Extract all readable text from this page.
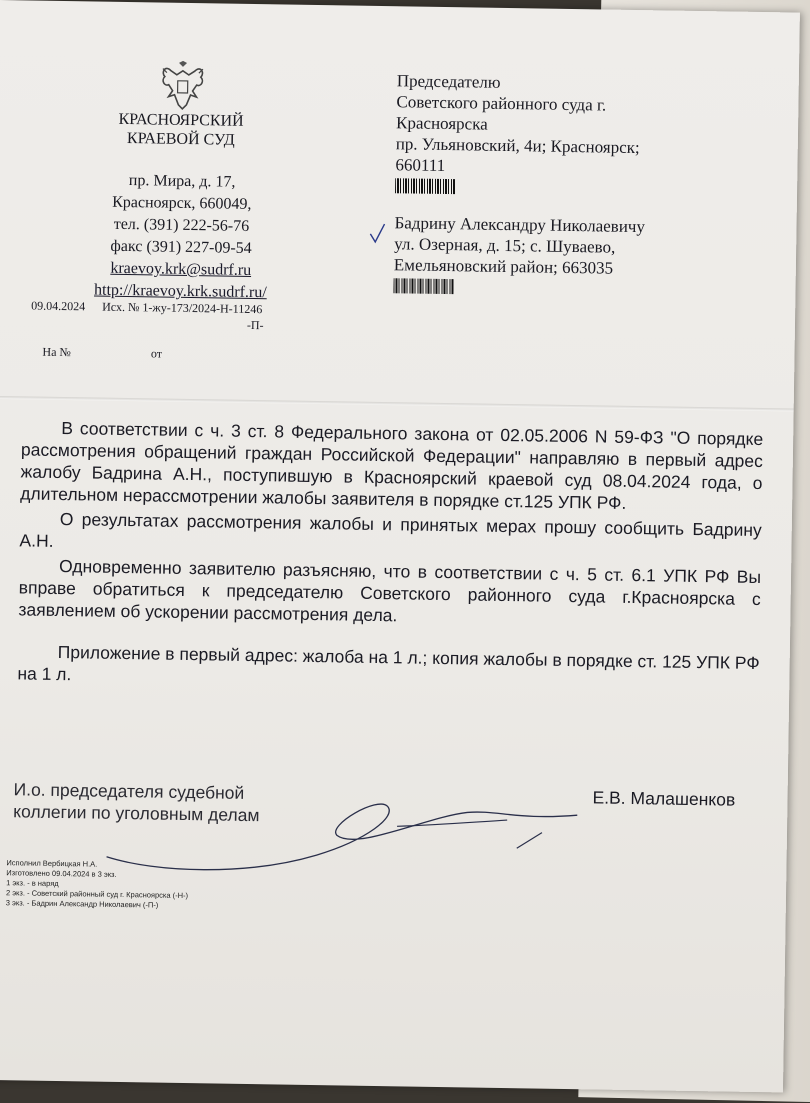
КРАСНОЯРСКИЙ
КРАЕВОЙ СУД
пр. Мира, д. 17,
Красноярск, 660049,
тел. (391) 222-56-76
факс (391) 227-09-54
kraevoy.krk@sudrf.ru
http://kraevoy.krk.sudrf.ru/
09.04.2024 Исх. № 1-жу-173/2024-Н-11246
-П-
На №	от
Председателю
Советского районного суда г.
Красноярска
пр. Ульяновский, 4и; Красноярск;
660111
Бадрину Александру Николаевичу
ул. Озерная, д. 15; с. Шуваево,
Емельяновский район; 663035

В соответствии с ч. 3 ст. 8 Федерального закона от 02.05.2006 N 59-ФЗ "О порядке рассмотрения обращений граждан Российской Федерации" направляю в первый адрес жалобу Бадрина А.Н., поступившую в Красноярский краевой суд 08.04.2024 года, о длительном нерассмотрении жалобы заявителя в порядке ст.125 УПК РФ.

О результатах рассмотрения жалобы и принятых мерах прошу сообщить Бадрину А.Н.

Одновременно заявителю разъясняю, что в соответствии с ч. 5 ст. 6.1 УПК РФ Вы вправе обратиться к председателю Советского районного суда г.Красноярска с заявлением об ускорении рассмотрения дела.

Приложение в первый адрес: жалоба на 1 л.; копия жалобы в порядке ст. 125 УПК РФ на 1 л.

И.о. председателя судебной
коллегии по уголовным делам
Е.В. Малашенков
Исполнил Вербицкая Н.А.
Изготовлено 09.04.2024 в 3 экз.
1 экз. - в наряд
2 экз. - Советский районный суд г. Красноярска (-Н-)
3 экз. - Бадрин Александр Николаевич (-П-)
